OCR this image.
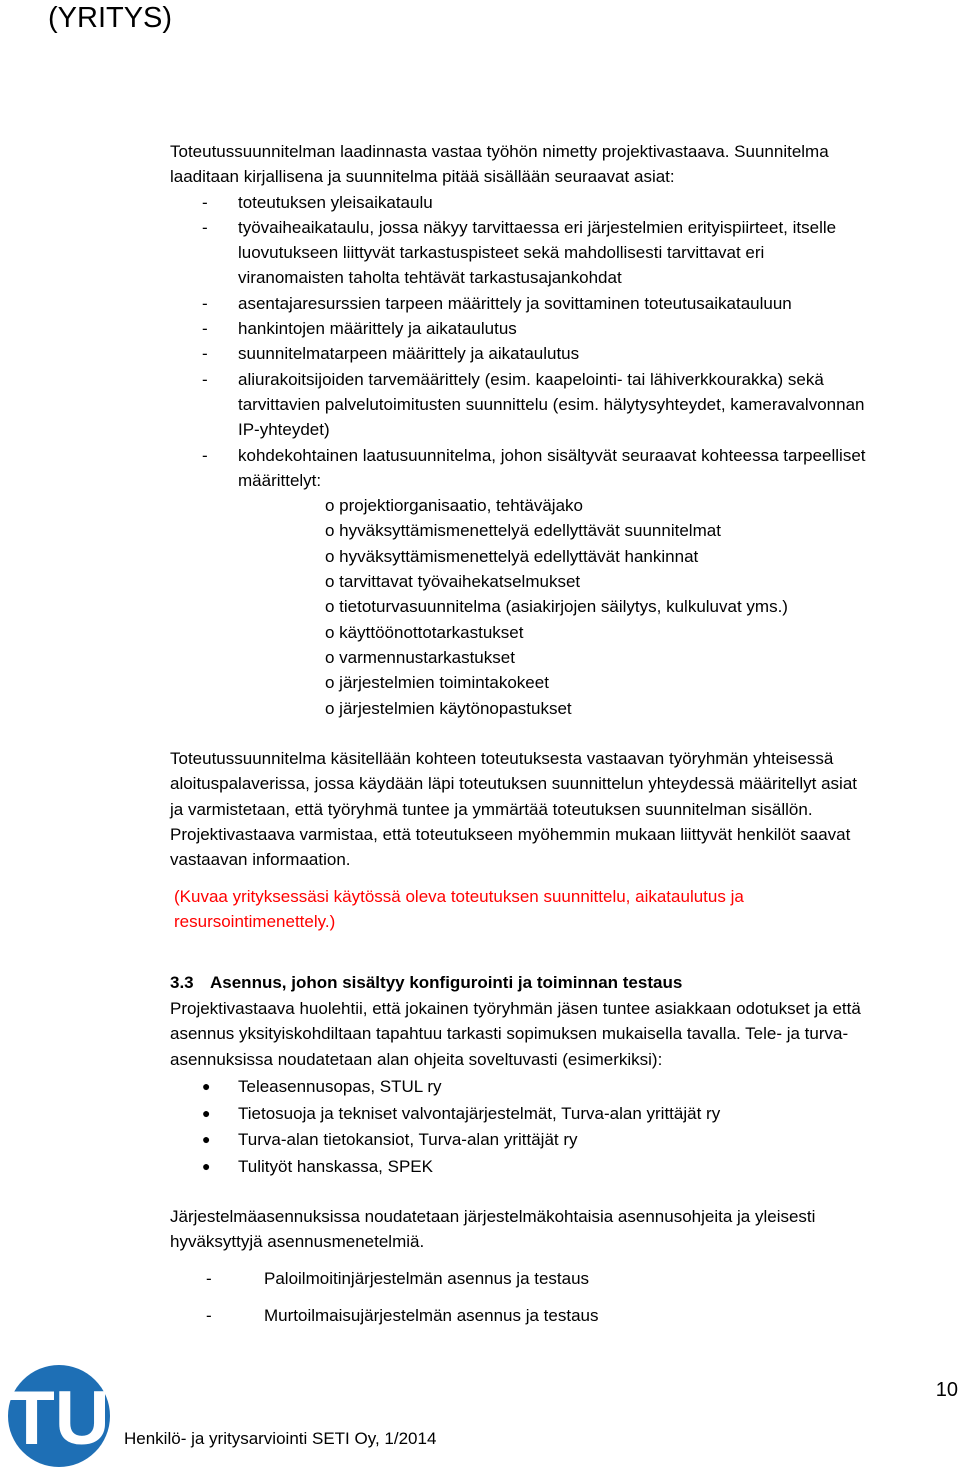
(YRITYS)
Toteutussuunnitelman laadinnasta vastaa työhön nimetty projektivastaava. Suunnitelma
laaditaan kirjallisena ja suunnitelma pitää sisällään seuraavat asiat:
-	toteutuksen yleisaikataulu
-	työvaiheaikataulu, jossa näkyy tarvittaessa eri järjestelmien erityispiirteet, itselle
luovutukseen liittyvät tarkastuspisteet sekä mahdollisesti tarvittavat eri
viranomaisten taholta tehtävät tarkastusajankohdat
-	asentajaresurssien tarpeen määrittely ja sovittaminen toteutusaikatauluun
-	hankintojen määrittely ja aikataulutus
-	suunnitelmatarpeen määrittely ja aikataulutus
-	aliurakoitsijoiden tarvemäärittely (esim. kaapelointi- tai lähiverkkourakka) sekä
tarvittavien palvelutoimitusten suunnittelu (esim. hälytysyhteydet, kameravalvonnan
IP-yhteydet)
-	kohdekohtainen laatusuunnitelma, johon sisältyvät seuraavat kohteessa tarpeelliset
määrittelyt:
o projektiorganisaatio, tehtäväjako
o hyväksyttämismenettelyä edellyttävät suunnitelmat
o hyväksyttämismenettelyä edellyttävät hankinnat
o tarvittavat työvaihekatselmukset
o tietoturvasuunnitelma (asiakirjojen säilytys, kulkuluvat yms.)
o käyttöönottotarkastukset
o varmennustarkastukset
o järjestelmien toimintakokeet
o järjestelmien käytönopastukset
Toteutussuunnitelma käsitellään kohteen toteutuksesta vastaavan työryhmän yhteisessä
aloituspalaverissa, jossa käydään läpi toteutuksen suunnittelun yhteydessä määritellyt asiat
ja varmistetaan, että työryhmä tuntee ja ymmärtää toteutuksen suunnitelman sisällön.
Projektivastaava varmistaa, että toteutukseen myöhemmin mukaan liittyvät henkilöt saavat
vastaavan informaation.
(Kuvaa yrityksessäsi käytössä oleva toteutuksen suunnittelu, aikataulutus ja
resursointimenettely.)
3.3 Asennus, johon sisältyy konfigurointi ja toiminnan testaus
Projektivastaava huolehtii, että jokainen työryhmän jäsen tuntee asiakkaan odotukset ja että
asennus yksityiskohdiltaan tapahtuu tarkasti sopimuksen mukaisella tavalla. Tele- ja turva-
asennuksissa noudatetaan alan ohjeita soveltuvasti (esimerkiksi):
●	Teleasennusopas, STUL ry
●	Tietosuoja ja tekniset valvontajärjestelmät, Turva-alan yrittäjät ry
●	Turva-alan tietokansiot, Turva-alan yrittäjät ry
●	Tulityöt hanskassa, SPEK
Järjestelmäasennuksissa noudatetaan järjestelmäkohtaisia asennusohjeita ja yleisesti
hyväksyttyjä asennusmenetelmiä.
-	Paloilmoitinjärjestelmän asennus ja testaus
-	Murtoilmaisujärjestelmän asennus ja testaus
TU Henkilö- ja yritysarviointi SETI Oy, 1/2014
10
